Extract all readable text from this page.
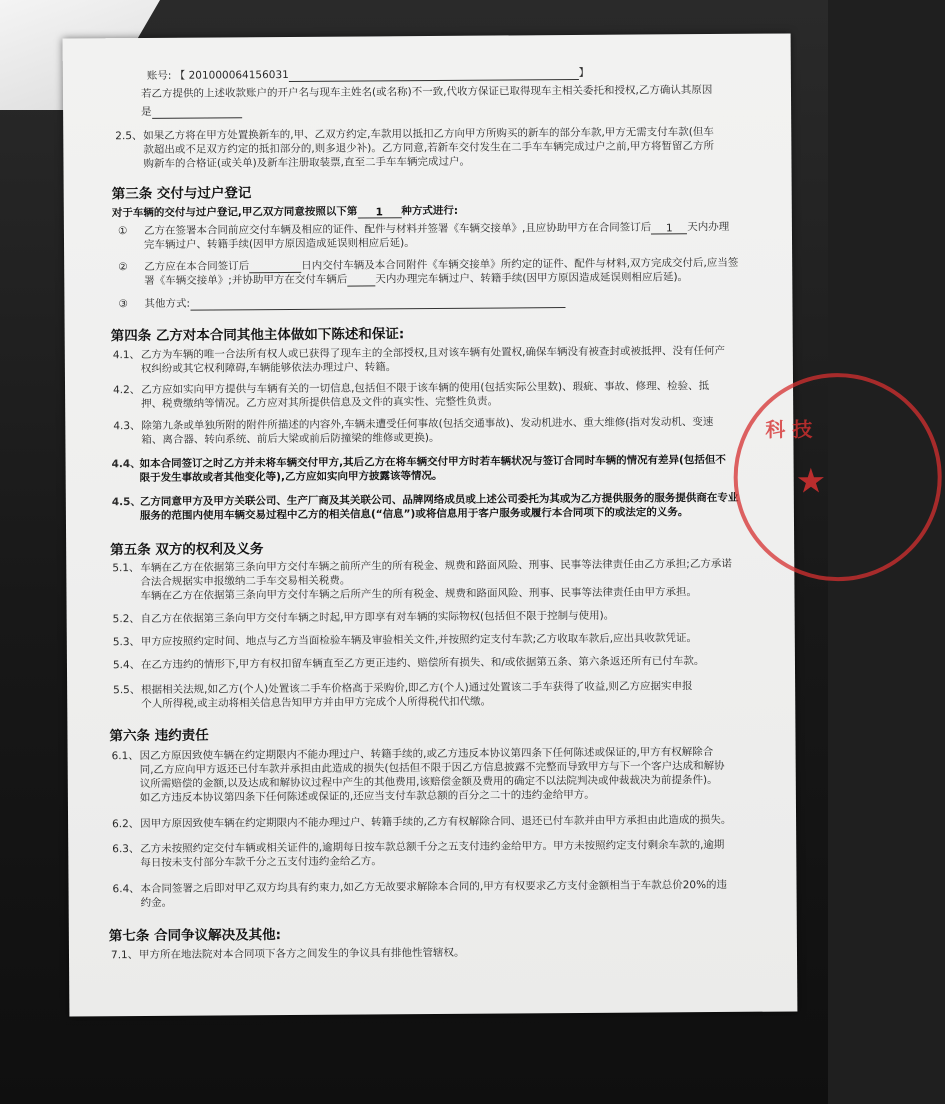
账号: 【 201000064156031	】
若乙方提供的上述收款账户的开户名与现车主姓名(或名称)不一致,代收方保证已取得现车主相关委托和授权,乙方确认其原因
是
2.5、 如果乙方将在甲方处置换新车的,甲、乙双方约定,车款用以抵扣乙方向甲方所购买的新车的部分车款,甲方无需支付车款(但车
款超出或不足双方约定的抵扣部分的,则多退少补)。乙方同意,若新车交付发生在二手车车辆完成过户之前,甲方将暂留乙方所
购新车的合格证(或关单)及新车注册取装票,直至二手车车辆完成过户。
第三条 交付与过户登记
对于车辆的交付与过户登记,甲乙双方同意按照以下第 1 种方式进行:
① 乙方在签署本合同前应交付车辆及相应的证件、配件与材料并签署《车辆交接单》,且应协助甲方在合同签订后 1 天内办理
完车辆过户、转籍手续(因甲方原因造成延误则相应后延)。
② 乙方应在本合同签订后	日内交付车辆及本合同附件《车辆交接单》所约定的证件、配件与材料,双方完成交付后,应当签
署《车辆交接单》;并协助甲方在交付车辆后	天内办理完车辆过户、转籍手续(因甲方原因造成延误则相应后延)。
③ 其他方式:
第四条 乙方对本合同其他主体做如下陈述和保证:
4.1、 乙方为车辆的唯一合法所有权人或已获得了现车主的全部授权,且对该车辆有处置权,确保车辆没有被查封或被抵押、没有任何产
权纠纷或其它权利障碍,车辆能够依法办理过户、转籍。
4.2、 乙方应如实向甲方提供与车辆有关的一切信息,包括但不限于该车辆的使用(包括实际公里数)、瑕疵、事故、修理、检验、抵
押、税费缴纳等情况。乙方应对其所提供信息及文件的真实性、完整性负责。
4.3、 除第九条或单独所附的附件所描述的内容外,车辆未遭受任何事故(包括交通事故)、发动机进水、重大维修(指对发动机、变速
箱、离合器、转向系统、前后大梁或前后防撞梁的维修或更换)。
4.4、
如本合同签订之时乙方并未将车辆交付甲方,其后乙方在将车辆交付甲方时若车辆状况与签订合同时车辆的情况有差异(包括但不
限于发生事故或者其他变化等),乙方应如实向甲方披露该等情况。
4.5、
乙方同意甲方及甲方关联公司、生产厂商及其关联公司、品牌网络成员或上述公司委托为其或为乙方提供服务的服务提供商在专业
服务的范围内使用车辆交易过程中乙方的相关信息(“信息”)或将信息用于客户服务或履行本合同项下的或法定的义务。
第五条 双方的权利及义务
5.1、 车辆在乙方在依据第三条向甲方交付车辆之前所产生的所有税金、规费和路面风险、刑事、民事等法律责任由乙方承担;乙方承诺
合法合规据实申报缴纳二手车交易相关税费。
车辆在乙方在依据第三条向甲方交付车辆之后所产生的所有税金、规费和路面风险、刑事、民事等法律责任由甲方承担。
5.2、 自乙方在依据第三条向甲方交付车辆之时起,甲方即享有对车辆的实际物权(包括但不限于控制与使用)。
5.3、 甲方应按照约定时间、地点与乙方当面检验车辆及审验相关文件,并按照约定支付车款;乙方收取车款后,应出具收款凭证。
5.4、 在乙方违约的情形下,甲方有权扣留车辆直至乙方更正违约、赔偿所有损失、和/或依据第五条、第六条返还所有已付车款。
5.5、 根据相关法规,如乙方(个人)处置该二手车价格高于采购价,即乙方(个人)通过处置该二手车获得了收益,则乙方应据实申报
个人所得税,或主动将相关信息告知甲方并由甲方完成个人所得税代扣代缴。
第六条 违约责任
6.1、 因乙方原因致使车辆在约定期限内不能办理过户、转籍手续的,或乙方违反本协议第四条下任何陈述或保证的,甲方有权解除合
同,乙方应向甲方返还已付车款并承担由此造成的损失(包括但不限于因乙方信息披露不完整而导致甲方与下一个客户达成和解协
议所需赔偿的金额,以及达成和解协议过程中产生的其他费用,该赔偿金额及费用的确定不以法院判决或仲裁裁决为前提条件)。
如乙方违反本协议第四条下任何陈述或保证的,还应当支付车款总额的百分之二十的违约金给甲方。
6.2、 因甲方原因致使车辆在约定期限内不能办理过户、转籍手续的,乙方有权解除合同、退还已付车款并由甲方承担由此造成的损失。
6.3、 乙方未按照约定交付车辆或相关证件的,逾期每日按车款总额千分之五支付违约金给甲方。甲方未按照约定支付剩余车款的,逾期
每日按未支付部分车款千分之五支付违约金给乙方。
6.4、 本合同签署之后即对甲乙双方均具有约束力,如乙方无故要求解除本合同的,甲方有权要求乙方支付金额相当于车款总价20%的违
约金。
第七条 合同争议解决及其他:
7.1、 甲方所在地法院对本合同项下各方之间发生的争议具有排他性管辖权。
科 技
★
